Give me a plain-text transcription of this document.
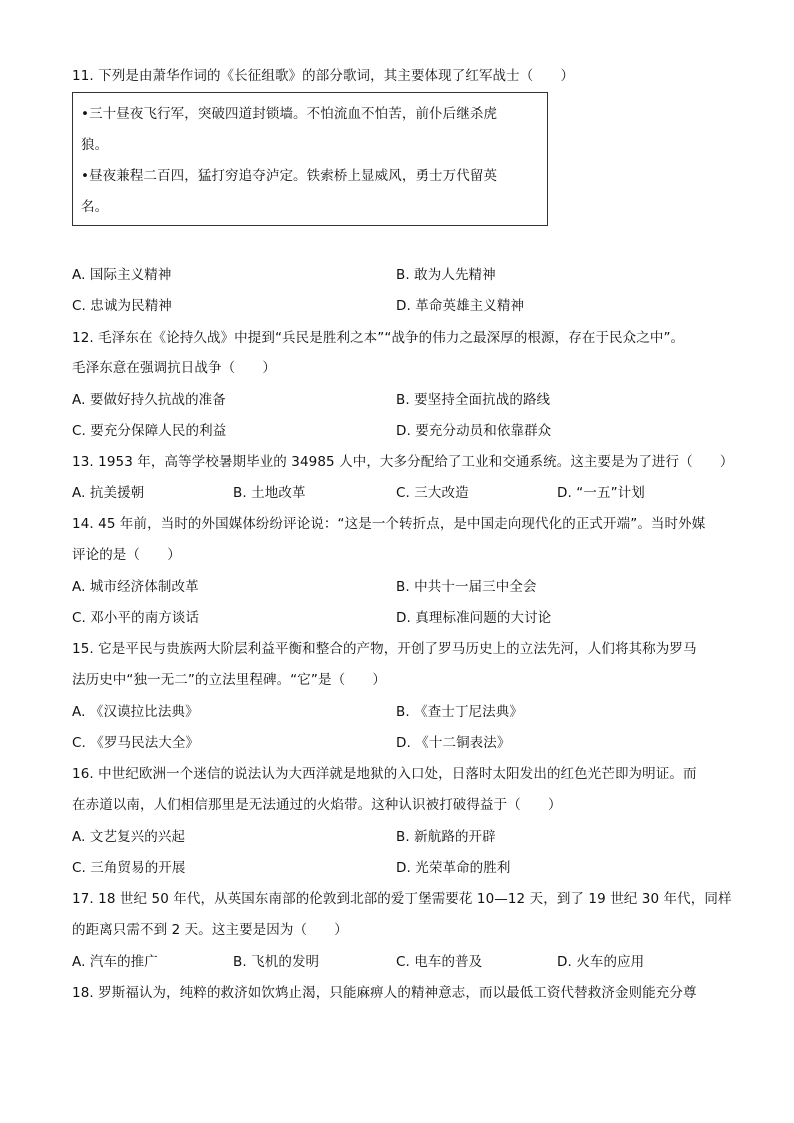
11. 下列是由萧华作词的《长征组歌》的部分歌词，其主要体现了红军战士（　　）
•三十昼夜飞行军，突破四道封锁墙。不怕流血不怕苦，前仆后继杀虎
狼。
•昼夜兼程二百四，猛打穷追夺泸定。铁索桥上显威风，勇士万代留英
名。
A. 国际主义精神	B. 敢为人先精神
C. 忠诚为民精神	D. 革命英雄主义精神
12. 毛泽东在《论持久战》中提到“兵民是胜利之本”“战争的伟力之最深厚的根源，存在于民众之中”。
毛泽东意在强调抗日战争（　　）
A. 要做好持久抗战的准备	B. 要坚持全面抗战的路线
C. 要充分保障人民的利益	D. 要充分动员和依靠群众
13. 1953 年，高等学校暑期毕业的 34985 人中，大多分配给了工业和交通系统。这主要是为了进行（　　）
A. 抗美援朝	B. 土地改革	C. 三大改造	D. “一五”计划
14. 45 年前，当时的外国媒体纷纷评论说：“这是一个转折点，是中国走向现代化的正式开端”。当时外媒
评论的是（　　）
A. 城市经济体制改革	B. 中共十一届三中全会
C. 邓小平的南方谈话	D. 真理标准问题的大讨论
15. 它是平民与贵族两大阶层利益平衡和整合的产物，开创了罗马历史上的立法先河，人们将其称为罗马
法历史中“独一无二”的立法里程碑。“它”是（　　）
A. 《汉谟拉比法典》	B. 《查士丁尼法典》
C. 《罗马民法大全》	D. 《十二铜表法》
16. 中世纪欧洲一个迷信的说法认为大西洋就是地狱的入口处，日落时太阳发出的红色光芒即为明证。而
在赤道以南，人们相信那里是无法通过的火焰带。这种认识被打破得益于（　　）
A. 文艺复兴的兴起	B. 新航路的开辟
C. 三角贸易的开展	D. 光荣革命的胜利
17. 18 世纪 50 年代，从英国东南部的伦敦到北部的爱丁堡需要花 10—12 天，到了 19 世纪 30 年代，同样
的距离只需不到 2 天。这主要是因为（　　）
A. 汽车的推广	B. 飞机的发明	C. 电车的普及	D. 火车的应用
18. 罗斯福认为，纯粹的救济如饮鸩止渴，只能麻痹人的精神意志，而以最低工资代替救济金则能充分尊
